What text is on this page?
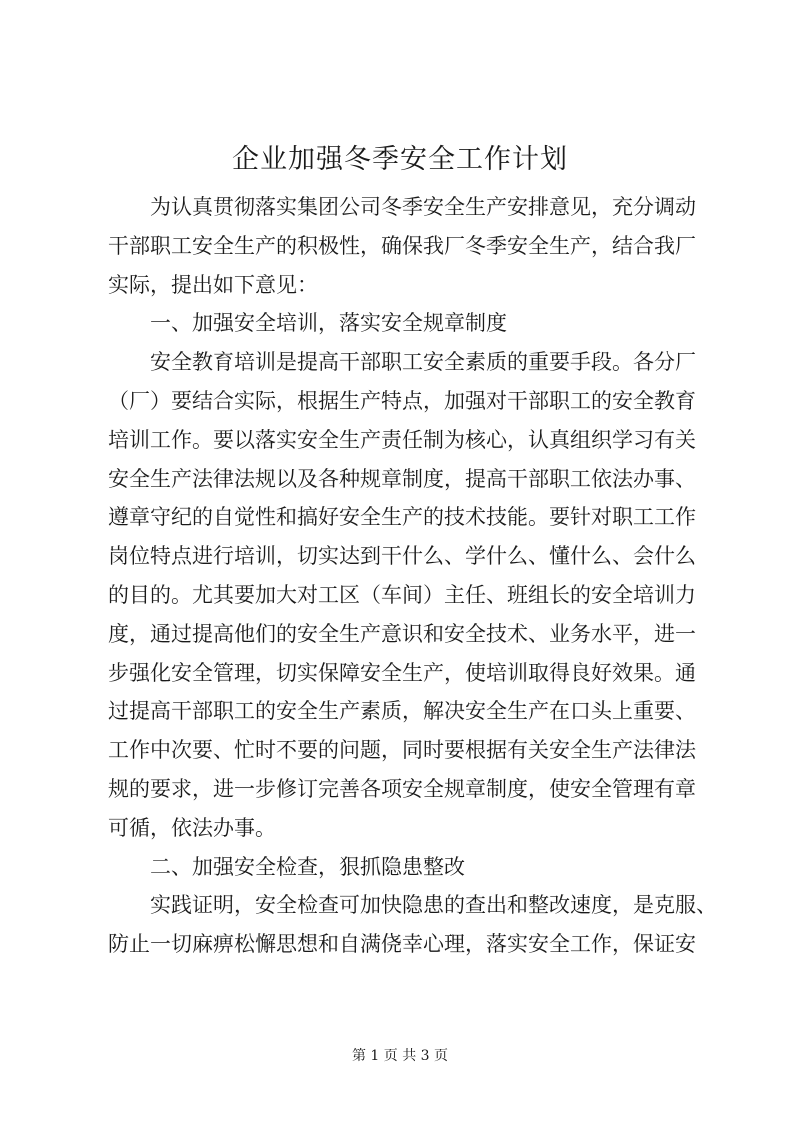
企业加强冬季安全工作计划
为认真贯彻落实集团公司冬季安全生产安排意见，充分调动
干部职工安全生产的积极性，确保我厂冬季安全生产，结合我厂
实际，提出如下意见：
一、加强安全培训，落实安全规章制度
安全教育培训是提高干部职工安全素质的重要手段。各分厂
（厂）要结合实际，根据生产特点，加强对干部职工的安全教育
培训工作。要以落实安全生产责任制为核心，认真组织学习有关
安全生产法律法规以及各种规章制度，提高干部职工依法办事、
遵章守纪的自觉性和搞好安全生产的技术技能。要针对职工工作
岗位特点进行培训，切实达到干什么、学什么、懂什么、会什么
的目的。尤其要加大对工区（车间）主任、班组长的安全培训力
度，通过提高他们的安全生产意识和安全技术、业务水平，进一
步强化安全管理，切实保障安全生产，使培训取得良好效果。通
过提高干部职工的安全生产素质，解决安全生产在口头上重要、
工作中次要、忙时不要的问题，同时要根据有关安全生产法律法
规的要求，进一步修订完善各项安全规章制度，使安全管理有章
可循，依法办事。
二、加强安全检查，狠抓隐患整改
实践证明，安全检查可加快隐患的查出和整改速度，是克服、
防止一切麻痹松懈思想和自满侥幸心理，落实安全工作，保证安
第 1 页 共 3 页
